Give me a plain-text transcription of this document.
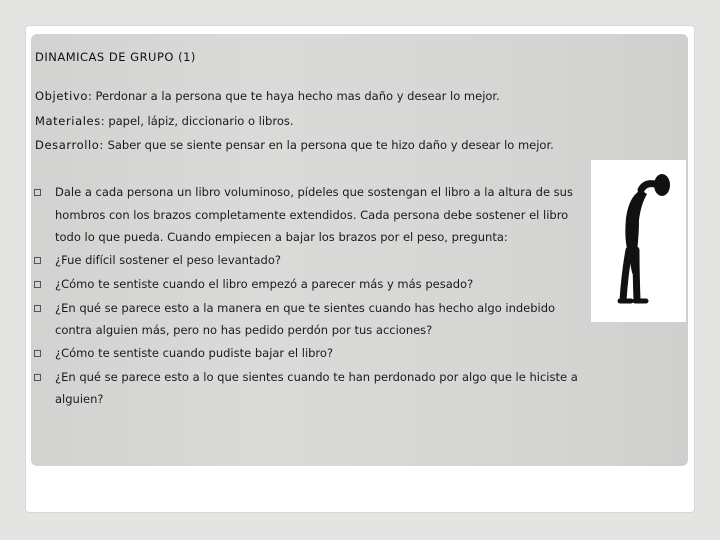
DINAMICAS DE GRUPO (1)
Objetivo: Perdonar a la persona que te haya hecho mas daño y desear lo mejor.
Materiales: papel, lápiz, diccionario o libros.
Desarrollo: Saber que se siente pensar en la persona que te hizo daño y desear lo mejor.
Dale a cada persona un libro voluminoso, pídeles que sostengan el libro a la altura de sus
hombros con los brazos completamente extendidos. Cada persona debe sostener el libro
todo lo que pueda. Cuando empiecen a bajar los brazos por el peso, pregunta:
¿Fue difícil sostener el peso levantado?
¿Cómo te sentiste cuando el libro empezó a parecer más y más pesado?
¿En qué se parece esto a la manera en que te sientes cuando has hecho algo indebido
contra alguien más, pero no has pedido perdón por tus acciones?
¿Cómo te sentiste cuando pudiste bajar el libro?
¿En qué se parece esto a lo que sientes cuando te han perdonado por algo que le hiciste a
alguien?
